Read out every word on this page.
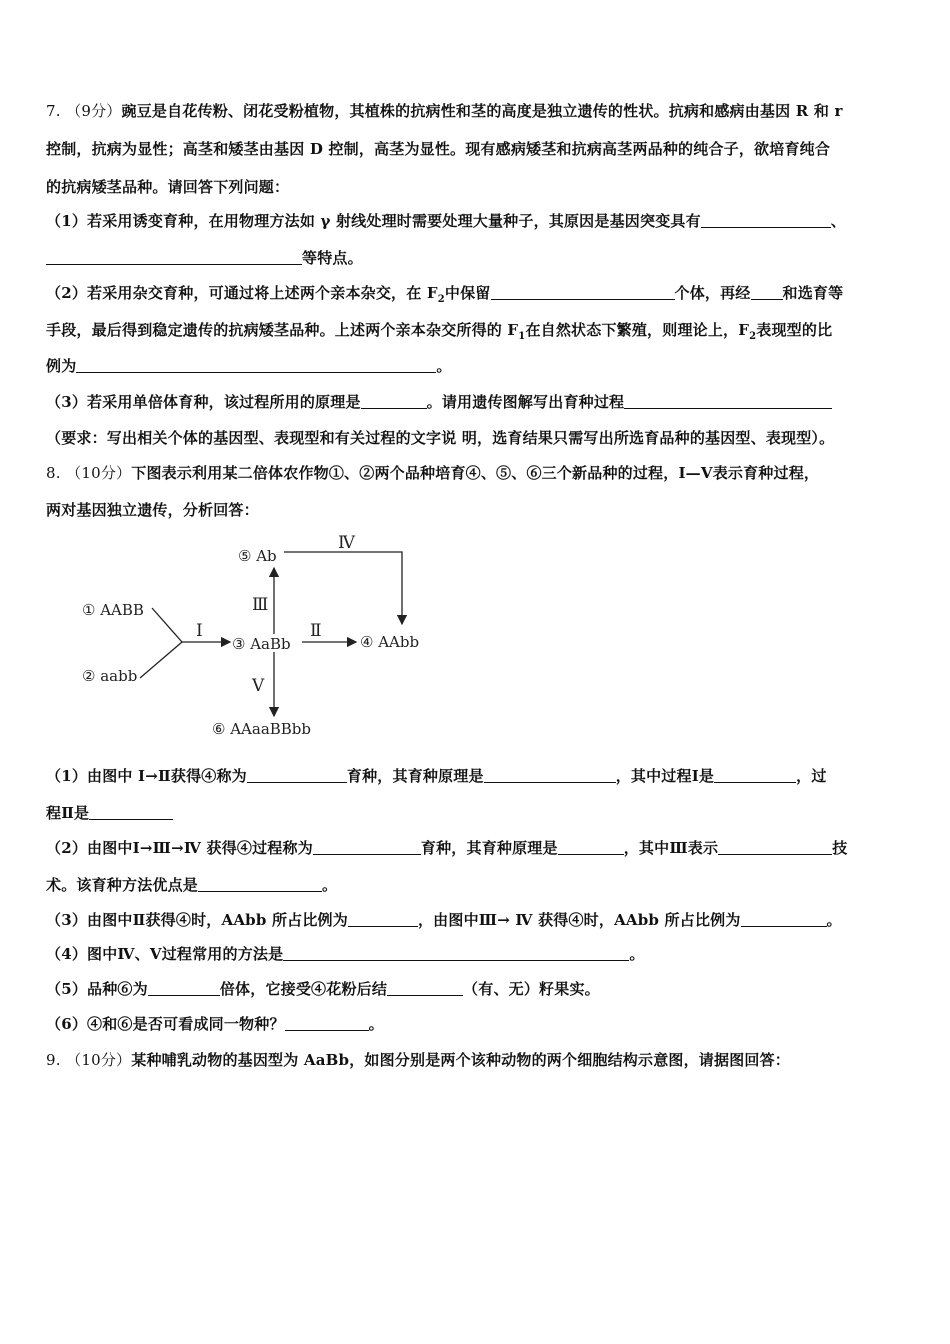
7. （9分）豌豆是自花传粉、闭花受粉植物，其植株的抗病性和茎的高度是独立遗传的性状。抗病和感病由基因 R 和 r
控制，抗病为显性；高茎和矮茎由基因 D 控制，高茎为显性。现有感病矮茎和抗病高茎两品种的纯合子，欲培育纯合
的抗病矮茎品种。请回答下列问题：
（1）若采用诱变育种，在用物理方法如 γ 射线处理时需要处理大量种子，其原因是基因突变具有	、
等特点。
（2）若采用杂交育种，可通过将上述两个亲本杂交，在 $F_2$中保留	个体，再经 和选育等
手段，最后得到稳定遗传的抗病矮茎品种。上述两个亲本杂交所得的 $F_1$在自然状态下繁殖，则理论上，$F_2$表现型的比
例为	。
（3）若采用单倍体育种，该过程所用的原理是	。请用遗传图解写出育种过程
（要求：写出相关个体的基因型、表现型和有关过程的文字说 明，选育结果只需写出所选育品种的基因型、表现型）。
8. （10分）下图表示利用某二倍体农作物①、②两个品种培育④、⑤、⑥三个新品种的过程，Ⅰ—Ⅴ表示育种过程，
两对基因独立遗传，分析回答：
① AABB
② aabb
③ AaBb	④ AAbb
⑤ Ab
⑥ AAaaBBbb
Ⅰ	Ⅱ
Ⅲ
Ⅳ
Ⅴ
（1）由图中 Ⅰ→Ⅱ获得④称为	育种，其育种原理是	，其中过程Ⅰ是	，过
程Ⅱ是
（2）由图中Ⅰ→Ⅲ→Ⅳ 获得④过程称为	育种，其育种原理是	，其中Ⅲ表示	技
术。该育种方法优点是	。
（3）由图中Ⅱ获得④时，AAbb 所占比例为	，由图中Ⅲ→ Ⅳ 获得④时，AAbb 所占比例为	。
（4）图中Ⅳ、Ⅴ过程常用的方法是	。
（5）品种⑥为	倍体，它接受④花粉后结	（有、无）籽果实。
（6）④和⑥是否可看成同一物种？	。
9. （10分）某种哺乳动物的基因型为 AaBb，如图分别是两个该种动物的两个细胞结构示意图，请据图回答：
